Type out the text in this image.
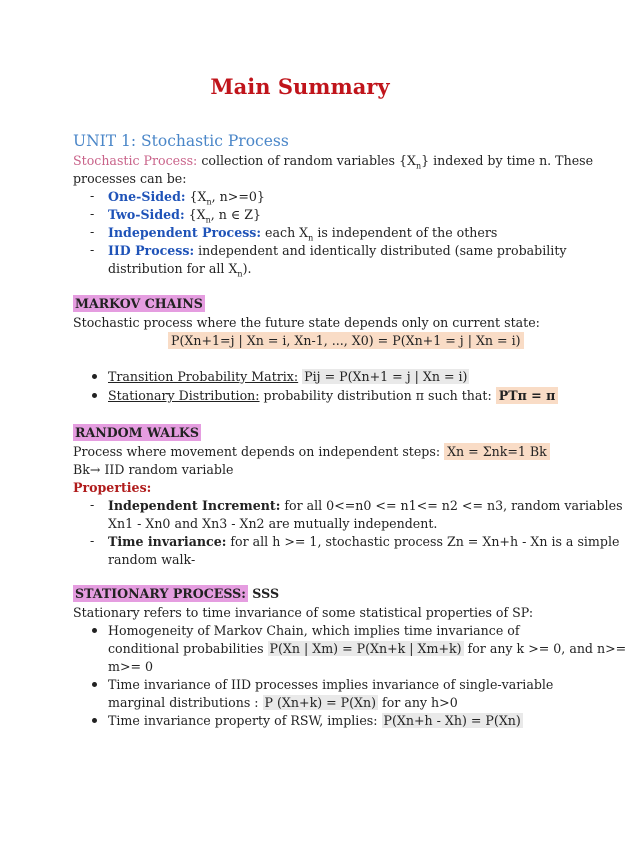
Main Summary
UNIT 1: Stochastic Process
Stochastic Process: collection of random variables $\{X_n\}$ indexed by time n. These
processes can be:
- One-Sided: {$X_n$, n>=0}
- Two-Sided: {$X_n$, n ∈ Z}
- Independent Process: each $X_n$ is independent of the others
- IID Process: independent and identically distributed (same probability
distribution for all $X_n$).
MARKOV CHAINS
Stochastic process where the future state depends only on current state:
P(Xn+1=j | Xn = i, Xn-1, ..., X0) = P(Xn+1 = j | Xn = i)
Transition Probability Matrix: Pij = P(Xn+1 = j | Xn = i)
Stationary Distribution: probability distribution π such that: PTπ = π
RANDOM WALKS
Process where movement depends on independent steps: Xn = Σnk=1 Bk
Bk→ IID random variable
Properties:
- Independent Increment: for all 0<=n0 <= n1<= n2 <= n3, random variables
Xn1 - Xn0 and Xn3 - Xn2 are mutually independent.
- Time invariance: for all h >= 1, stochastic process Zn = Xn+h - Xn is a simple
random walk-
STATIONARY PROCESS: SSS
Stationary refers to time invariance of some statistical properties of SP:
Homogeneity of Markov Chain, which implies time invariance of
conditional probabilities P(Xn | Xm) = P(Xn+k | Xm+k) for any k >= 0, and n>=
m>= 0
Time invariance of IID processes implies invariance of single-variable
marginal distributions : P (Xn+k) = P(Xn) for any h>0
Time invariance property of RSW, implies: P(Xn+h - Xh) = P(Xn)
